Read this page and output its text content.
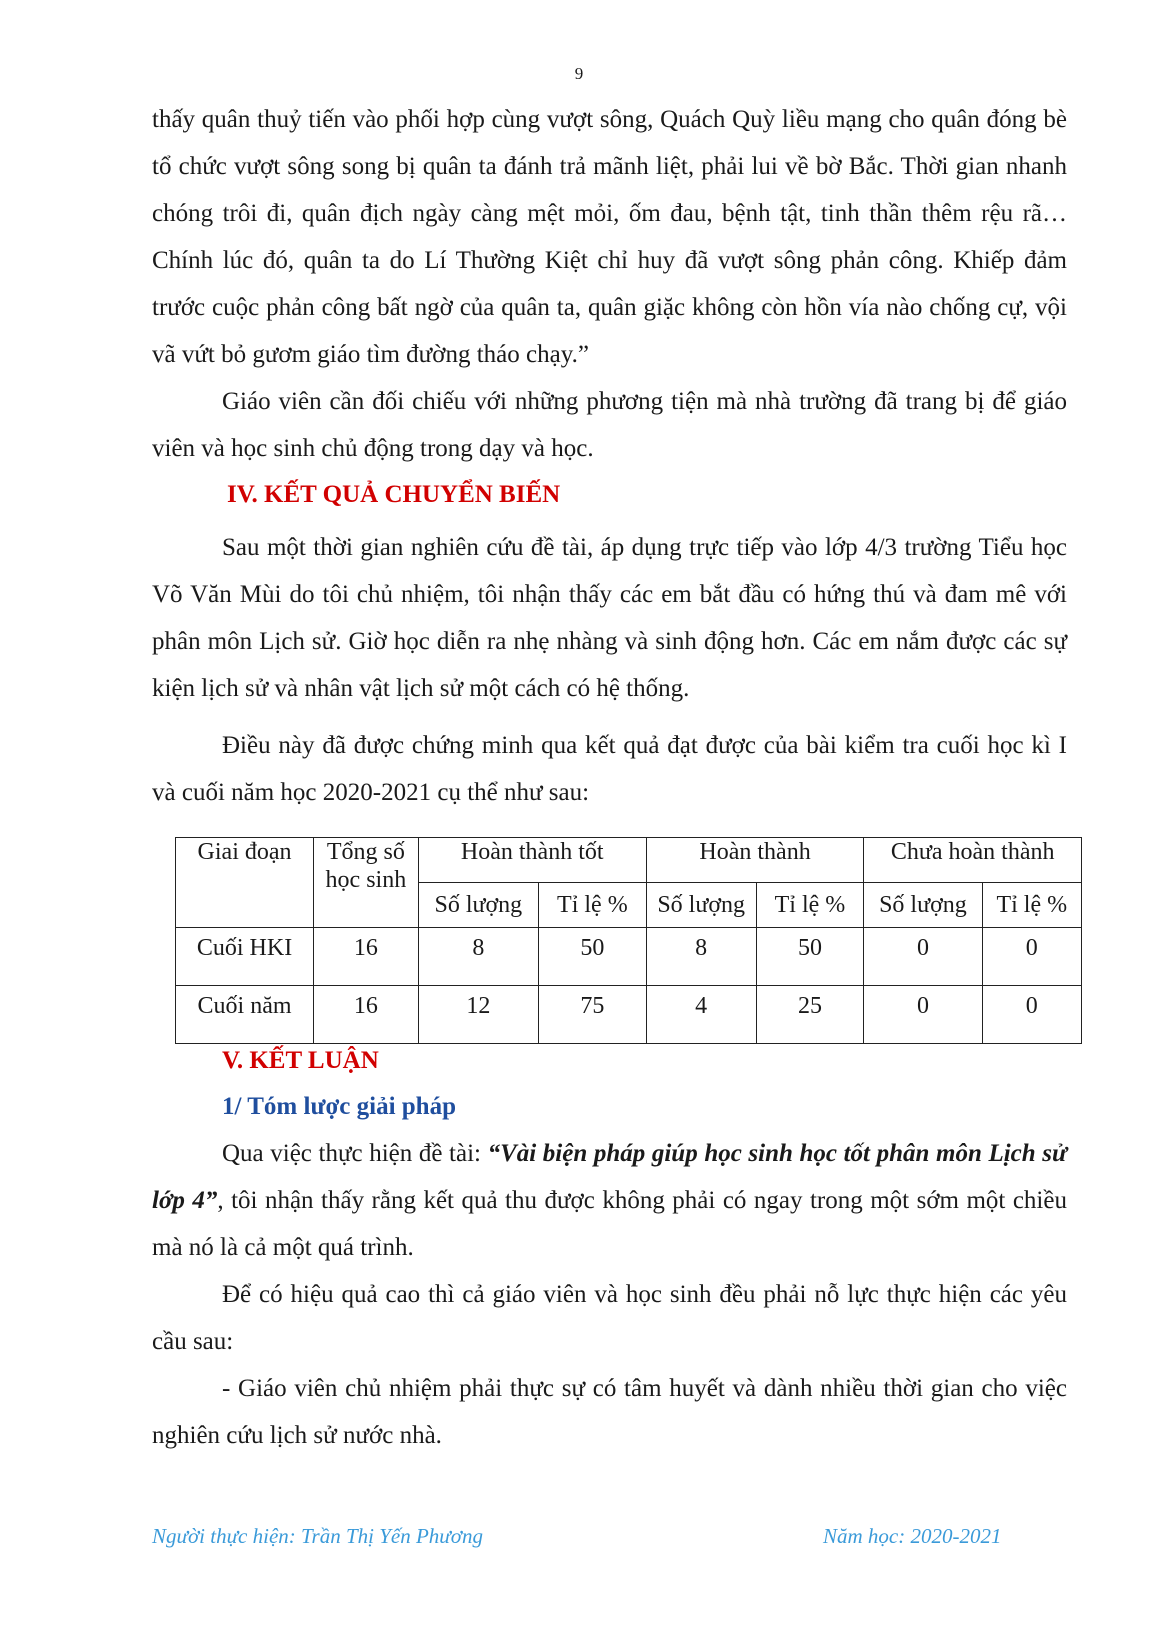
9

thấy quân thuỷ tiến vào phối hợp cùng vượt sông, Quách Quỳ liều mạng cho quân đóng bè tổ chức vượt sông song bị quân ta đánh trả mãnh liệt, phải lui về bờ Bắc. Thời gian nhanh chóng trôi đi, quân địch ngày càng mệt mỏi, ốm đau, bệnh tật, tinh thần thêm rệu rã…Chính lúc đó, quân ta do Lí Thường Kiệt chỉ huy đã vượt sông phản công. Khiếp đảm trước cuộc phản công bất ngờ của quân ta, quân giặc không còn hồn vía nào chống cự, vội vã vứt bỏ gươm giáo tìm đường tháo chạy.”

Giáo viên cần đối chiếu với những phương tiện mà nhà trường đã trang bị để giáo viên và học sinh chủ động trong dạy và học.

IV. KẾT QUẢ CHUYỂN BIẾN

Sau một thời gian nghiên cứu đề tài, áp dụng trực tiếp vào lớp 4/3 trường Tiểu học Võ Văn Mùi do tôi chủ nhiệm, tôi nhận thấy các em bắt đầu có hứng thú và đam mê với phân môn Lịch sử. Giờ học diễn ra nhẹ nhàng và sinh động hơn. Các em nắm được các sự kiện lịch sử và nhân vật lịch sử một cách có hệ thống.

Điều này đã được chứng minh qua kết quả đạt được của bài kiểm tra cuối học kì I và cuối năm học 2020-2021 cụ thể như sau:

Giai đoạn	Tổng số học sinh	Hoàn thành tốt		Hoàn thành		Chưa hoàn thành	
		Số lượng	Tỉ lệ %	Số lượng	Tỉ lệ %	Số lượng	Tỉ lệ %
Cuối HKI	16	8	50	8	50	0	0
Cuối năm	16	12	75	4	25	0	0
V. KẾT LUẬN
1/ Tóm lược giải pháp

Qua việc thực hiện đề tài: “Vài biện pháp giúp học sinh học tốt phân môn Lịch sử lớp 4”, tôi nhận thấy rằng kết quả thu được không phải có ngay trong một sớm một chiều mà nó là cả một quá trình.

Để có hiệu quả cao thì cả giáo viên và học sinh đều phải nỗ lực thực hiện các yêu cầu sau:

- Giáo viên chủ nhiệm phải thực sự có tâm huyết và dành nhiều thời gian cho việc nghiên cứu lịch sử nước nhà.

Người thực hiện: Trần Thị Yến Phương	Năm học: 2020-2021
